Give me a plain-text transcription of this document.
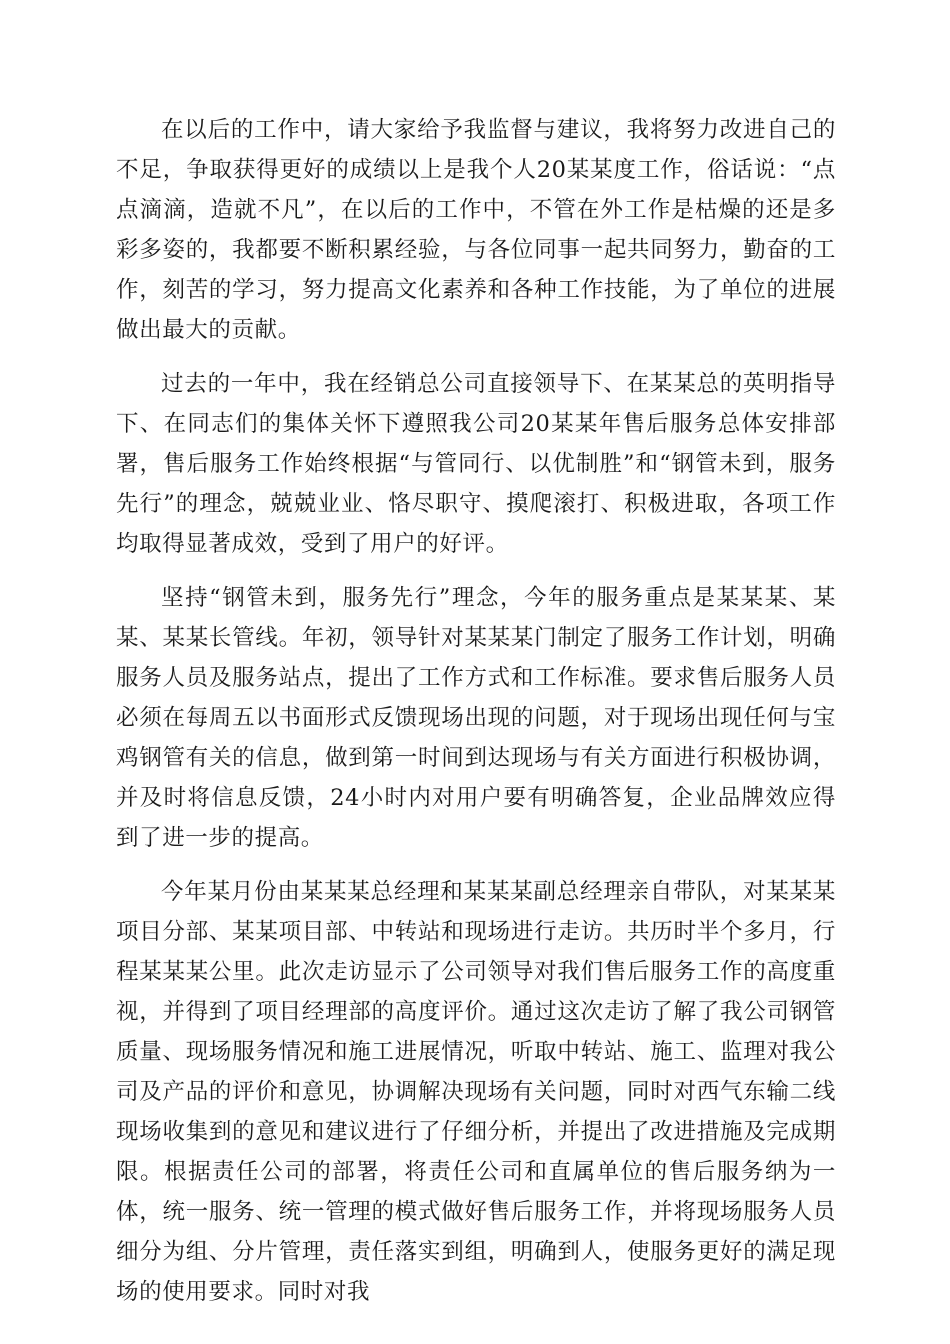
在以后的工作中，请大家给予我监督与建议，我将努力改进自己的不足，争取获得更好的成绩以上是我个人20某某度工作，俗话说：“点点滴滴，造就不凡”，在以后的工作中，不管在外工作是枯燥的还是多彩多姿的，我都要不断积累经验，与各位同事一起共同努力，勤奋的工作，刻苦的学习，努力提高文化素养和各种工作技能，为了单位的进展做出最大的贡献。

过去的一年中，我在经销总公司直接领导下、在某某总的英明指导下、在同志们的集体关怀下遵照我公司20某某年售后服务总体安排部署，售后服务工作始终根据“与管同行、以优制胜”和“钢管未到，服务先行”的理念，兢兢业业、恪尽职守、摸爬滚打、积极进取，各项工作均取得显著成效，受到了用户的好评。

坚持“钢管未到，服务先行”理念，今年的服务重点是某某某、某某、某某长管线。年初，领导针对某某某门制定了服务工作计划，明确服务人员及服务站点，提出了工作方式和工作标准。要求售后服务人员必须在每周五以书面形式反馈现场出现的问题，对于现场出现任何与宝鸡钢管有关的信息，做到第一时间到达现场与有关方面进行积极协调，并及时将信息反馈，24小时内对用户要有明确答复，企业品牌效应得到了进一步的提高。

今年某月份由某某某总经理和某某某副总经理亲自带队，对某某某项目分部、某某项目部、中转站和现场进行走访。共历时半个多月，行程某某某公里。此次走访显示了公司领导对我们售后服务工作的高度重视，并得到了项目经理部的高度评价。通过这次走访了解了我公司钢管质量、现场服务情况和施工进展情况，听取中转站、施工、监理对我公司及产品的评价和意见，协调解决现场有关问题，同时对西气东输二线现场收集到的意见和建议进行了仔细分析，并提出了改进措施及完成期限。根据责任公司的部署，将责任公司和直属单位的售后服务纳为一体，统一服务、统一管理的模式做好售后服务工作，并将现场服务人员细分为组、分片管理，责任落实到组，明确到人，使服务更好的满足现场的使用要求。同时对我
